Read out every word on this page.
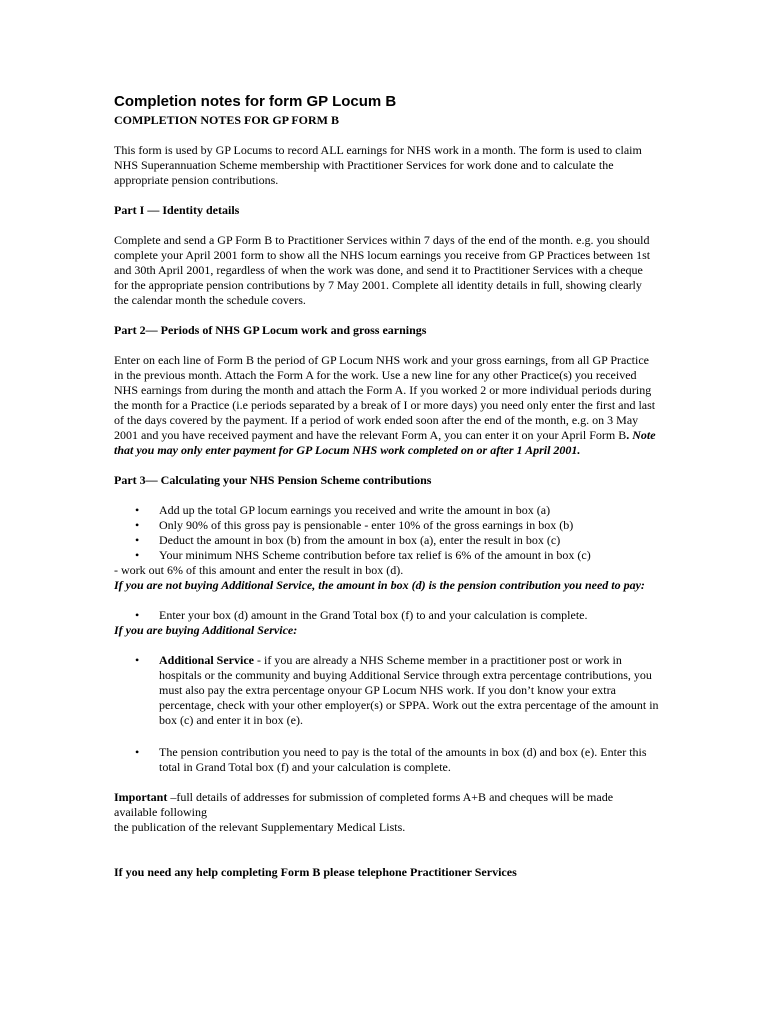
Completion notes for form GP Locum B

COMPLETION NOTES FOR GP FORM B

This form is used by GP Locums to record ALL earnings for NHS work in a month. The form is used to claim NHS Superannuation Scheme membership with Practitioner Services for work done and to calculate the appropriate pension contributions.

Part I — Identity details

Complete and send a GP Form B to Practitioner Services within 7 days of the end of the month. e.g. you should complete your April 2001 form to show all the NHS locum earnings you receive from GP Practices between 1st and 30th April 2001, regardless of when the work was done, and send it to Practitioner Services with a cheque for the appropriate pension contributions by 7 May 2001. Complete all identity details in full, showing clearly the calendar month the schedule covers.

Part 2— Periods of NHS GP Locum work and gross earnings

Enter on each line of Form B the period of GP Locum NHS work and your gross earnings, from all GP Practice in the previous month. Attach the Form A for the work. Use a new line for any other Practice(s) you received NHS earnings from during the month and attach the Form A. If you worked 2 or more individual periods during the month for a Practice (i.e periods separated by a break of I or more days) you need only enter the first and last of the days covered by the payment. If a period of work ended soon after the end of the month, e.g. on 3 May 2001 and you have received payment and have the relevant Form A, you can enter it on your April Form B. Note that you may only enter payment for GP Locum NHS work completed on or after 1 April 2001.

Part 3— Calculating your NHS Pension Scheme contributions

• Add up the total GP locum earnings you received and write the amount in box (a)
• Only 90% of this gross pay is pensionable - enter 10% of the gross earnings in box (b)
• Deduct the amount in box (b) from the amount in box (a), enter the result in box (c)
• Your minimum NHS Scheme contribution before tax relief is 6% of the amount in box (c)

- work out 6% of this amount and enter the result in box (d).

If you are not buying Additional Service, the amount in box (d) is the pension contribution you need to pay:

• Enter your box (d) amount in the Grand Total box (f) to and your calculation is complete.

If you are buying Additional Service:

• Additional Service - if you are already a NHS Scheme member in a practitioner post or work in hospitals or the community and buying Additional Service through extra percentage contributions, you must also pay the extra percentage onyour GP Locum NHS work. If you don’t know your extra percentage, check with your other employer(s) or SPPA. Work out the extra percentage of the amount in box (c) and enter it in box (e).
• The pension contribution you need to pay is the total of the amounts in box (d) and box (e). Enter this total in Grand Total box (f) and your calculation is complete.

Important –full details of addresses for submission of completed forms A+B and cheques will be made available following

the publication of the relevant Supplementary Medical Lists.

If you need any help completing Form B please telephone Practitioner Services
